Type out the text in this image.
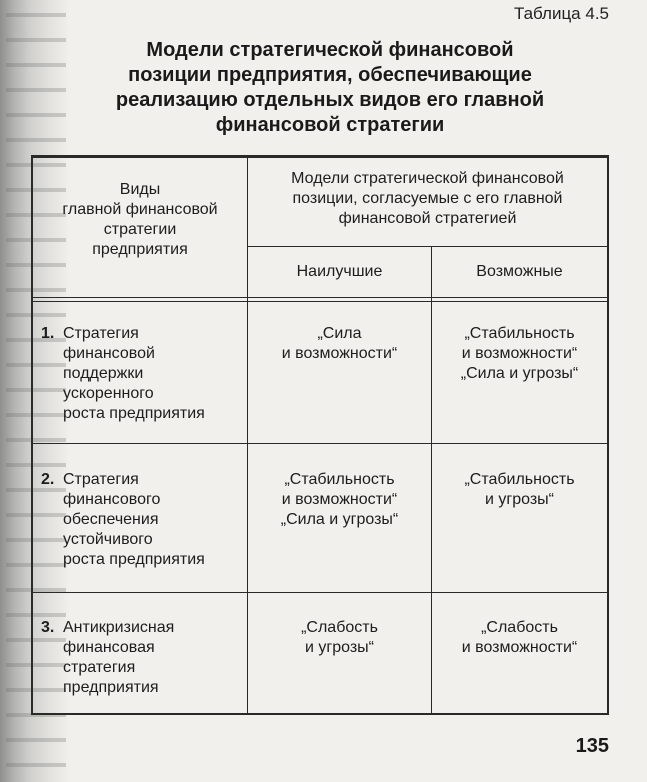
Таблица 4.5
Модели стратегической финансовой
позиции предприятия, обеспечивающие
реализацию отдельных видов его главной
финансовой стратегии
Виды
главной финансовой
стратегии
предприятия
Модели стратегической финансовой
позиции, согласуемые с его главной
финансовой стратегией
Наилучшие	Возможные
1. Стратегия
финансовой
поддержки
ускоренного
роста предприятия
„Сила
и возможности“
„Стабильность
и возможности“
„Сила и угрозы“
2. Стратегия
финансового
обеспечения
устойчивого
роста предприятия
„Стабильность
и возможности“
„Сила и угрозы“
„Стабильность
и угрозы“
3. Антикризисная
финансовая
стратегия
предприятия
„Слабость
и угрозы“
„Слабость
и возможности“
135
